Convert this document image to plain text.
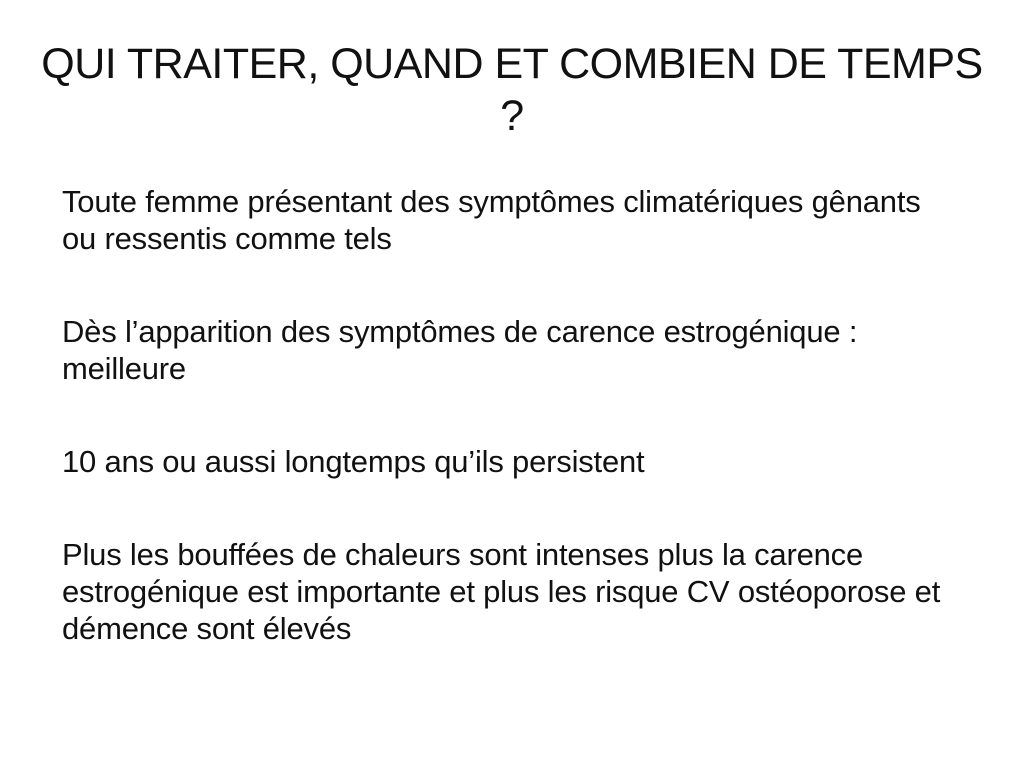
QUI TRAITER, QUAND ET COMBIEN DE TEMPS ?
Toute femme présentant des symptômes climatériques gênants ou ressentis comme tels
Dès l’apparition des symptômes de carence estrogénique : meilleure
10 ans ou aussi longtemps qu’ils persistent
Plus les bouffées de chaleurs sont intenses plus la carence estrogénique est importante et plus les risque CV ostéoporose et démence sont élevés
